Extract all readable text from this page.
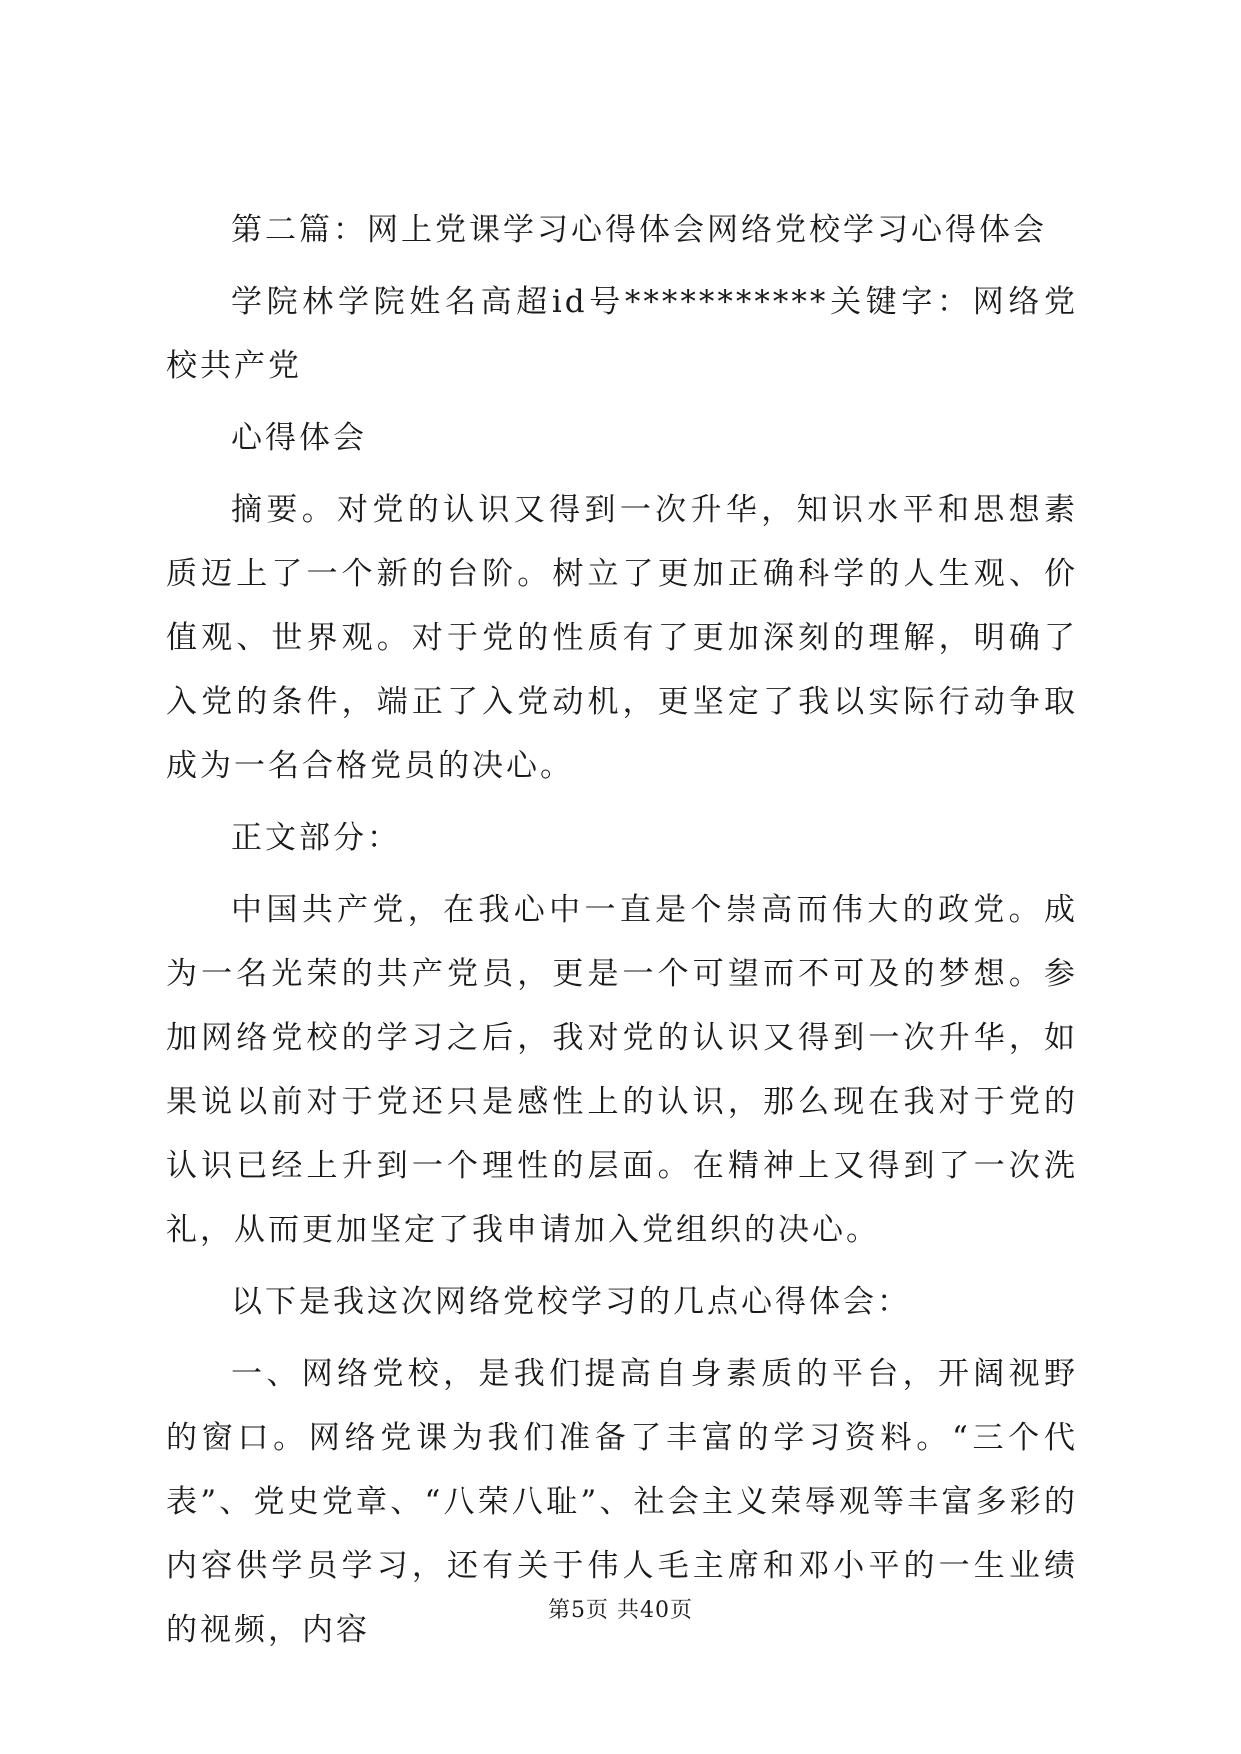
第二篇：网上党课学习心得体会网络党校学习心得体会

学院林学院姓名高超id号***********关键字：网络党校共产党

心得体会

摘要。对党的认识又得到一次升华，知识水平和思想素质迈上了一个新的台阶。树立了更加正确科学的人生观、价值观、世界观。对于党的性质有了更加深刻的理解，明确了入党的条件，端正了入党动机，更坚定了我以实际行动争取成为一名合格党员的决心。

正文部分：

中国共产党，在我心中一直是个崇高而伟大的政党。成为一名光荣的共产党员，更是一个可望而不可及的梦想。参加网络党校的学习之后，我对党的认识又得到一次升华，如果说以前对于党还只是感性上的认识，那么现在我对于党的认识已经上升到一个理性的层面。在精神上又得到了一次洗礼，从而更加坚定了我申请加入党组织的决心。

以下是我这次网络党校学习的几点心得体会：

一、网络党校，是我们提高自身素质的平台，开阔视野的窗口。网络党课为我们准备了丰富的学习资料。“三个代表”、党史党章、“八荣八耻”、社会主义荣辱观等丰富多彩的内容供学员学习，还有关于伟人毛主席和邓小平的一生业绩的视频，内容

第5页 共40页
